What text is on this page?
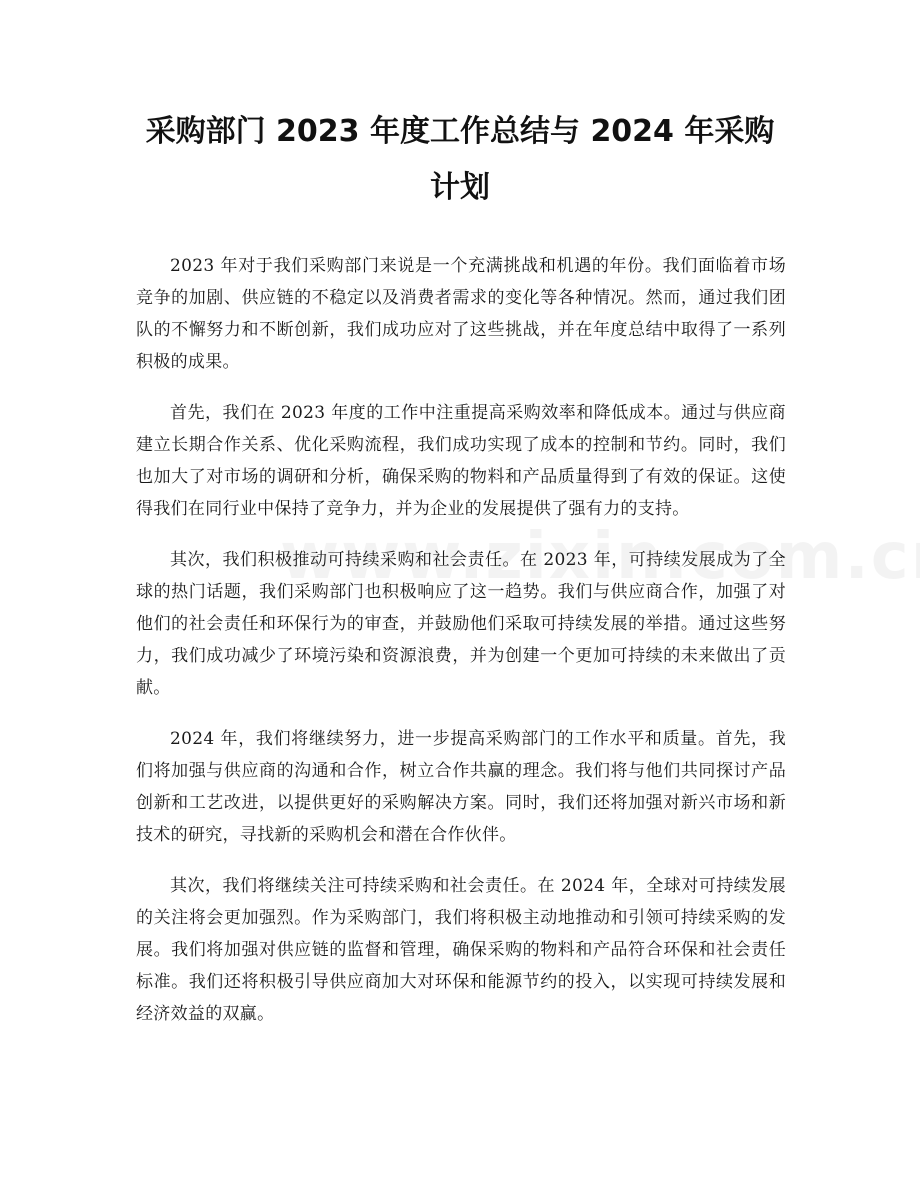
采购部门 2023 年度工作总结与 2024 年采购
计划

2023 年对于我们采购部门来说是一个充满挑战和机遇的年份。我们面临着市场竞争的加剧、供应链的不稳定以及消费者需求的变化等各种情况。然而，通过我们团队的不懈努力和不断创新，我们成功应对了这些挑战，并在年度总结中取得了一系列积极的成果。

首先，我们在 2023 年度的工作中注重提高采购效率和降低成本。通过与供应商建立长期合作关系、优化采购流程，我们成功实现了成本的控制和节约。同时，我们也加大了对市场的调研和分析，确保采购的物料和产品质量得到了有效的保证。这使得我们在同行业中保持了竞争力，并为企业的发展提供了强有力的支持。

其次，我们积极推动可持续采购和社会责任。在 2023 年，可持续发展成为了全球的热门话题，我们采购部门也积极响应了这一趋势。我们与供应商合作，加强了对他们的社会责任和环保行为的审查，并鼓励他们采取可持续发展的举措。通过这些努力，我们成功减少了环境污染和资源浪费，并为创建一个更加可持续的未来做出了贡献。

2024 年，我们将继续努力，进一步提高采购部门的工作水平和质量。首先，我们将加强与供应商的沟通和合作，树立合作共赢的理念。我们将与他们共同探讨产品创新和工艺改进，以提供更好的采购解决方案。同时，我们还将加强对新兴市场和新技术的研究，寻找新的采购机会和潜在合作伙伴。

其次，我们将继续关注可持续采购和社会责任。在 2024 年，全球对可持续发展的关注将会更加强烈。作为采购部门，我们将积极主动地推动和引领可持续采购的发展。我们将加强对供应链的监督和管理，确保采购的物料和产品符合环保和社会责任标准。我们还将积极引导供应商加大对环保和能源节约的投入，以实现可持续发展和经济效益的双赢。
